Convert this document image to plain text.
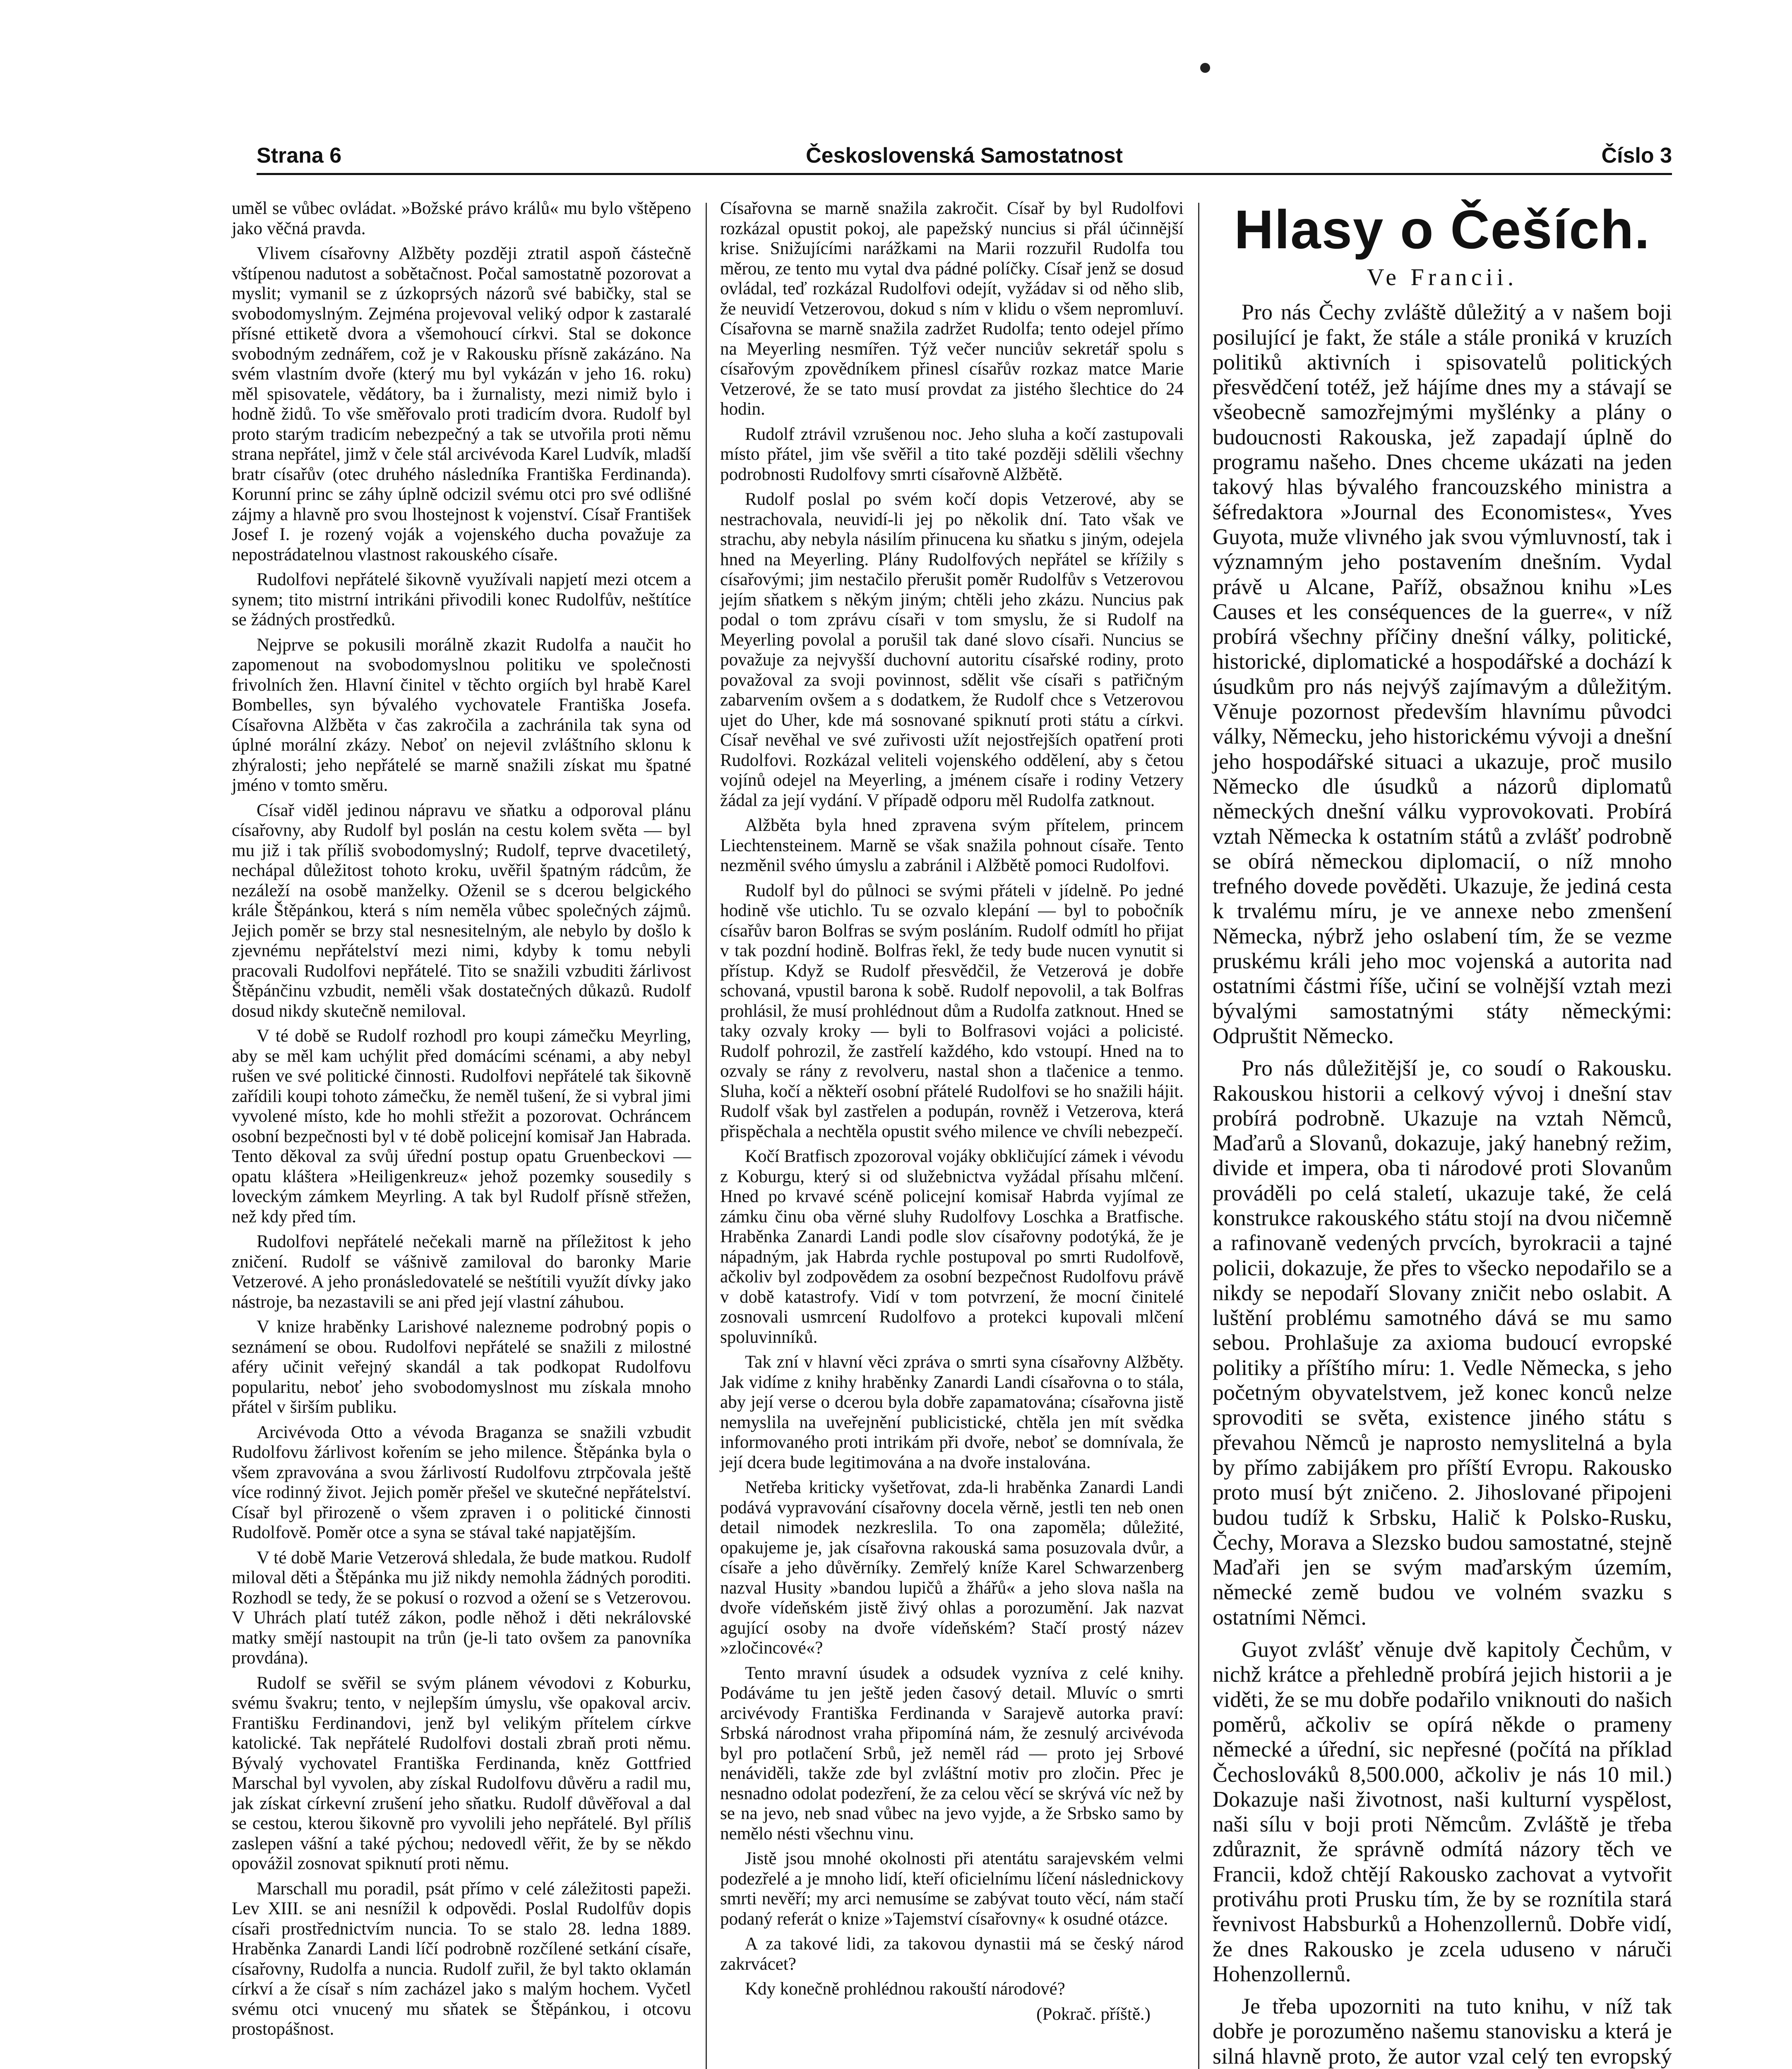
Strana 6	Československá Samostatnost	Číslo 3

uměl se vůbec ovládat. »Božské právo králů« mu bylo vštěpeno jako věčná pravda.

Vlivem císařovny Alžběty později ztratil aspoň částečně vštípenou nadutost a sobětačnost. Počal samostatně pozorovat a myslit; vymanil se z úzkoprsých názorů své babičky, stal se svobodomyslným. Zejména projevoval veliký odpor k zastaralé přísné ettiketě dvora a všemohoucí církvi. Stal se dokonce svobodným zednářem, což je v Rakousku přísně zakázáno. Na svém vlastním dvoře (který mu byl vykázán v jeho 16. roku) měl spisovatele, vědátory, ba i žurnalisty, mezi nimiž bylo i hodně židů. To vše směřovalo proti tradicím dvora. Rudolf byl proto starým tradicím nebezpečný a tak se utvořila proti němu strana nepřátel, jimž v čele stál arcivévoda Karel Ludvík, mladší bratr císařův (otec druhého následníka Františka Ferdinanda). Korunní princ se záhy úplně odcizil svému otci pro své odlišné zájmy a hlavně pro svou lhostejnost k vojenství. Císař František Josef I. je rozený voják a vojenského ducha považuje za nepostrádatelnou vlastnost rakouského císaře.

Rudolfovi nepřátelé šikovně využívali napjetí mezi otcem a synem; tito mistrní intrikáni přivodili konec Rudolfův, neštítíce se žádných prostředků.

Nejprve se pokusili morálně zkazit Rudolfa a naučit ho zapomenout na svobodomyslnou politiku ve společnosti frivolních žen. Hlavní činitel v těchto orgiích byl hrabě Karel Bombelles, syn bývalého vychovatele Františka Josefa. Císařovna Alžběta v čas zakročila a zachránila tak syna od úplné morální zkázy. Neboť on nejevil zvláštního sklonu k zhýralosti; jeho nepřátelé se marně snažili získat mu špatné jméno v tomto směru.

Císař viděl jedinou nápravu ve sňatku a odporoval plánu císařovny, aby Rudolf byl poslán na cestu kolem světa — byl mu již i tak příliš svobodomyslný; Rudolf, teprve dvacetiletý, nechápal důležitost tohoto kroku, uvěřil špatným rádcům, že nezáleží na osobě manželky. Oženil se s dcerou belgického krále Štěpánkou, která s ním neměla vůbec společných zájmů. Jejich poměr se brzy stal nesnesitelným, ale nebylo by došlo k zjevnému nepřátelství mezi nimi, kdyby k tomu nebyli pracovali Rudolfovi nepřátelé. Tito se snažili vzbuditi žárlivost Štěpánčinu vzbudit, neměli však dostatečných důkazů. Rudolf dosud nikdy skutečně nemiloval.

V té době se Rudolf rozhodl pro koupi zámečku Meyrling, aby se měl kam uchýlit před domácími scénami, a aby nebyl rušen ve své politické činnosti. Rudolfovi nepřátelé tak šikovně zařídili koupi tohoto zámečku, že neměl tušení, že si vybral jimi vyvolené místo, kde ho mohli střežit a pozorovat. Ochráncem osobní bezpečnosti byl v té době policejní komisař Jan Habrada. Tento děkoval za svůj úřední postup opatu Gruenbeckovi — opatu kláštera »Heiligenkreuz« jehož pozemky sousedily s loveckým zámkem Meyrling. A tak byl Rudolf přísně střežen, než kdy před tím.

Rudolfovi nepřátelé nečekali marně na příležitost k jeho zničení. Rudolf se vášnivě zamiloval do baronky Marie Vetzerové. A jeho pronásledovatelé se neštítili využít dívky jako nástroje, ba nezastavili se ani před její vlastní záhubou.

V knize hraběnky Larishové nalezneme podrobný popis o seznámení se obou. Rudolfovi nepřátelé se snažili z milostné aféry učinit veřejný skandál a tak podkopat Rudolfovu popularitu, neboť jeho svobodomyslnost mu získala mnoho přátel v širším publiku.

Arcivévoda Otto a vévoda Braganza se snažili vzbudit Rudolfovu žárlivost kořením se jeho milence. Štěpánka byla o všem zpravována a svou žárlivostí Rudolfovu ztrpčovala ještě více rodinný život. Jejich poměr přešel ve skutečné nepřátelství. Císař byl přirozeně o všem zpraven i o politické činnosti Rudolfově. Poměr otce a syna se stával také napjatějším.

V té době Marie Vetzerová shledala, že bude matkou. Rudolf miloval děti a Štěpánka mu již nikdy nemohla žádných poroditi. Rozhodl se tedy, že se pokusí o rozvod a ožení se s Vetzerovou. V Uhrách platí tutéž zákon, podle něhož i děti nekrálovské matky smějí nastoupit na trůn (je-li tato ovšem za panovníka provdána).

Rudolf se svěřil se svým plánem vévodovi z Koburku, svému švakru; tento, v nejlepším úmyslu, vše opakoval arciv. Františku Ferdinandovi, jenž byl velikým přítelem církve katolické. Tak nepřátelé Rudolfovi dostali zbraň proti němu. Bývalý vychovatel Františka Ferdinanda, kněz Gottfried Marschal byl vyvolen, aby získal Rudolfovu důvěru a radil mu, jak získat církevní zrušení jeho sňatku. Rudolf důvěřoval a dal se cestou, kterou šikovně pro vyvolili jeho nepřátelé. Byl příliš zaslepen vášní a také pýchou; nedovedl věřit, že by se někdo opovážil zosnovat spiknutí proti němu.

Marschall mu poradil, psát přímo v celé záležitosti papeži. Lev XIII. se ani nesnížil k odpovědi. Poslal Rudolfův dopis císaři prostřednictvím nuncia. To se stalo 28. ledna 1889. Hraběnka Zanardi Landi líčí podrobně rozčílené setkání císaře, císařovny, Rudolfa a nuncia. Rudolf zuřil, že byl takto oklamán církví a že císař s ním zacházel jako s malým hochem. Vyčetl svému otci vnucený mu sňatek se Štěpánkou, i otcovu prostopášnost.

Císařovna se marně snažila zakročit. Císař by byl Rudolfovi rozkázal opustit pokoj, ale papežský nuncius si přál účinnější krise. Snižujícími narážkami na Marii rozzuřil Rudolfa tou měrou, ze tento mu vytal dva pádné políčky. Císař jenž se dosud ovládal, teď rozkázal Rudolfovi odejít, vyžádav si od něho slib, že neuvidí Vetzerovou, dokud s ním v klidu o všem nepromluví. Císařovna se marně snažila zadržet Rudolfa; tento odejel přímo na Meyerling nesmířen. Týž večer nunciův sekretář spolu s císařovým zpovědníkem přinesl císařův rozkaz matce Marie Vetzerové, že se tato musí provdat za jistého šlechtice do 24 hodin.

Rudolf ztrávil vzrušenou noc. Jeho sluha a kočí zastupovali místo přátel, jim vše svěřil a tito také později sdělili všechny podrobnosti Rudolfovy smrti císařovně Alžbětě.

Rudolf poslal po svém kočí dopis Vetzerové, aby se nestrachovala, neuvidí-li jej po několik dní. Tato však ve strachu, aby nebyla násilím přinucena ku sňatku s jiným, odejela hned na Meyerling. Plány Rudolfových nepřátel se křížily s císařovými; jim nestačilo přerušit poměr Rudolfův s Vetzerovou jejím sňatkem s někým jiným; chtěli jeho zkázu. Nuncius pak podal o tom zprávu císaři v tom smyslu, že si Rudolf na Meyerling povolal a porušil tak dané slovo císaři. Nuncius se považuje za nejvyšší duchovní autoritu císařské rodiny, proto považoval za svoji povinnost, sdělit vše císaři s patřičným zabarvením ovšem a s dodatkem, že Rudolf chce s Vetzerovou ujet do Uher, kde má sosnované spiknutí proti státu a církvi. Císař nevěhal ve své zuřivosti užít nejostřejších opatření proti Rudolfovi. Rozkázal veliteli vojenského oddělení, aby s četou vojínů odejel na Meyerling, a jménem císaře i rodiny Vetzery žádal za její vydání. V případě odporu měl Rudolfa zatknout.

Alžběta byla hned zpravena svým přítelem, princem Liechtensteinem. Marně se však snažila pohnout císaře. Tento nezměnil svého úmyslu a zabránil i Alžbětě pomoci Rudolfovi.

Rudolf byl do půlnoci se svými přáteli v jídelně. Po jedné hodině vše utichlo. Tu se ozvalo klepání — byl to pobočník císařův baron Bolfras se svým posláním. Rudolf odmítl ho přijat v tak pozdní hodině. Bolfras řekl, že tedy bude nucen vynutit si přístup. Když se Rudolf přesvědčil, že Vetzerová je dobře schovaná, vpustil barona k sobě. Rudolf nepovolil, a tak Bolfras prohlásil, že musí prohlédnout dům a Rudolfa zatknout. Hned se taky ozvaly kroky — byli to Bolfrasovi vojáci a policisté. Rudolf pohrozil, že zastřelí každého, kdo vstoupí. Hned na to ozvaly se rány z revolveru, nastal shon a tlačenice a tenmo. Sluha, kočí a někteří osobní přátelé Rudolfovi se ho snažili hájit. Rudolf však byl zastřelen a podupán, rovněž i Vetzerova, která přispěchala a nechtěla opustit svého milence ve chvíli nebezpečí.

Kočí Bratfisch zpozoroval vojáky obkličující zámek i vévodu z Koburgu, který si od služebnictva vyžádal přísahu mlčení. Hned po krvavé scéně policejní komisař Habrda vyjímal ze zámku činu oba věrné sluhy Rudolfovy Loschka a Bratfische. Hraběnka Zanardi Landi podle slov císařovny podotýká, že je nápadným, jak Habrda rychle postupoval po smrti Rudolfově, ačkoliv byl zodpovědem za osobní bezpečnost Rudolfovu právě v době katastrofy. Vidí v tom potvrzení, že mocní činitelé zosnovali usmrcení Rudolfovo a protekci kupovali mlčení spoluvinníků.

Tak zní v hlavní věci zpráva o smrti syna císařovny Alžběty. Jak vidíme z knihy hraběnky Zanardi Landi císařovna o to stála, aby její verse o dcerou byla dobře zapamatována; císařovna jistě nemyslila na uveřejnění publicistické, chtěla jen mít svědka informovaného proti intrikám při dvoře, neboť se domnívala, že její dcera bude legitimována a na dvoře instalována.

Netřeba kriticky vyšetřovat, zda-li hraběnka Zanardi Landi podává vypravování císařovny docela věrně, jestli ten neb onen detail nimodek nezkreslila. To ona zapoměla; důležité, opakujeme je, jak císařovna rakouská sama posuzovala dvůr, a císaře a jeho důvěrníky. Zemřelý kníže Karel Schwarzenberg nazval Husity »bandou lupičů a žhářů« a jeho slova našla na dvoře vídeňském jistě živý ohlas a porozumění. Jak nazvat agující osoby na dvoře vídeňském? Stačí prostý název »zločincové«?

Tento mravní úsudek a odsudek vyzníva z celé knihy. Podáváme tu jen ještě jeden časový detail. Mluvíc o smrti arcivévody Františka Ferdinanda v Sarajevě autorka praví: Srbská národnost vraha připomíná nám, že zesnulý arcivévoda byl pro potlačení Srbů, jež neměl rád — proto jej Srbové nenáviděli, takže zde byl zvláštní motiv pro zločin. Přec je nesnadno odolat podezření, že za celou věcí se skrývá víc než by se na jevo, neb snad vůbec na jevo vyjde, a že Srbsko samo by nemělo nésti všechnu vinu.

Jistě jsou mnohé okolnosti při atentátu sarajevském velmi podezřelé a je mnoho lidí, kteří oficielnímu líčení následnickovy smrti nevěří; my arci nemusíme se zabývat touto věcí, nám stačí podaný referát o knize »Tajemství císařovny« k osudné otázce.

A za takové lidi, za takovou dynastii má se český národ zakrvácet?

Kdy konečně prohlédnou rakouští národové?

(Pokrač. příště.)

Hlasy o Češích.
Ve Francii.

Pro nás Čechy zvláště důležitý a v našem boji posilující je fakt, že stále a stále proniká v kruzích politiků aktivních i spisovatelů politických přesvědčení totéž, jež hájíme dnes my a stávají se všeobecně samozřejmými myšlénky a plány o budoucnosti Rakouska, jež zapadají úplně do programu našeho. Dnes chceme ukázati na jeden takový hlas bývalého francouzského ministra a šéfredaktora »Journal des Economistes«, Yves Guyota, muže vlivného jak svou výmluvností, tak i významným jeho postavením dnešním. Vydal právě u Alcane, Paříž, obsažnou knihu »Les Causes et les conséquences de la guerre«, v níž probírá všechny příčiny dnešní války, politické, historické, diplomatické a hospodářské a dochází k úsudkům pro nás nejvýš zajímavým a důležitým. Věnuje pozornost především hlavnímu původci války, Německu, jeho historickému vývoji a dnešní jeho hospodářské situaci a ukazuje, proč musilo Německo dle úsudků a názorů diplomatů německých dnešní válku vyprovokovati. Probírá vztah Německa k ostatním států a zvlášť podrobně se obírá německou diplomacií, o níž mnoho trefného dovede pověděti. Ukazuje, že jediná cesta k trvalému míru, je ve annexe nebo zmenšení Německa, nýbrž jeho oslabení tím, že se vezme pruskému králi jeho moc vojenská a autorita nad ostatními částmi říše, učiní se volnější vztah mezi bývalými samostatnými státy německými: Odpruštit Německo.

Pro nás důležitější je, co soudí o Rakousku. Rakouskou historii a celkový vývoj i dnešní stav probírá podrobně. Ukazuje na vztah Němců, Maďarů a Slovanů, dokazuje, jaký hanebný režim, divide et impera, oba ti národové proti Slovanům prováděli po celá staletí, ukazuje také, že celá konstrukce rakouského státu stojí na dvou ničemně a rafinovaně vedených prvcích, byrokracii a tajné policii, dokazuje, že přes to všecko nepodařilo se a nikdy se nepodaří Slovany zničit nebo oslabit. A luštění problému samotného dává se mu samo sebou. Prohlašuje za axioma budoucí evropské politiky a příštího míru: 1. Vedle Německa, s jeho početným obyvatelstvem, jež konec konců nelze sprovoditi se světa, existence jiného státu s převahou Němců je naprosto nemyslitelná a byla by přímo zabijákem pro příští Evropu. Rakousko proto musí být zničeno. 2. Jihoslované připojeni budou tudíž k Srbsku, Halič k Polsko-Rusku, Čechy, Morava a Slezsko budou samostatné, stejně Maďaři jen se svým maďarským územím, německé země budou ve volném svazku s ostatními Němci.

Guyot zvlášť věnuje dvě kapitoly Čechům, v nichž krátce a přehledně probírá jejich historii a je viděti, že se mu dobře podařilo vniknouti do našich poměrů, ačkoliv se opírá někde o prameny německé a úřední, sic nepřesné (počítá na příklad Čechoslováků 8,500.000, ačkoliv je nás 10 mil.) Dokazuje naši životnost, naši kulturní vyspělost, naši sílu v boji proti Němcům. Zvláště je třeba zdůraznit, že správně odmítá názory těch ve Francii, kdož chtějí Rakousko zachovat a vytvořit protiváhu proti Prusku tím, že by se roznítila stará řevnivost Habsburků a Hohenzollernů. Dobře vidí, že dnes Rakousko je zcela uduseno v náruči Hohenzollernů.

Je třeba upozorniti na tuto knihu, v níž tak dobře je porozuměno našemu stanovisku a která je silná hlavně proto, že autor vzal celý ten evropský
